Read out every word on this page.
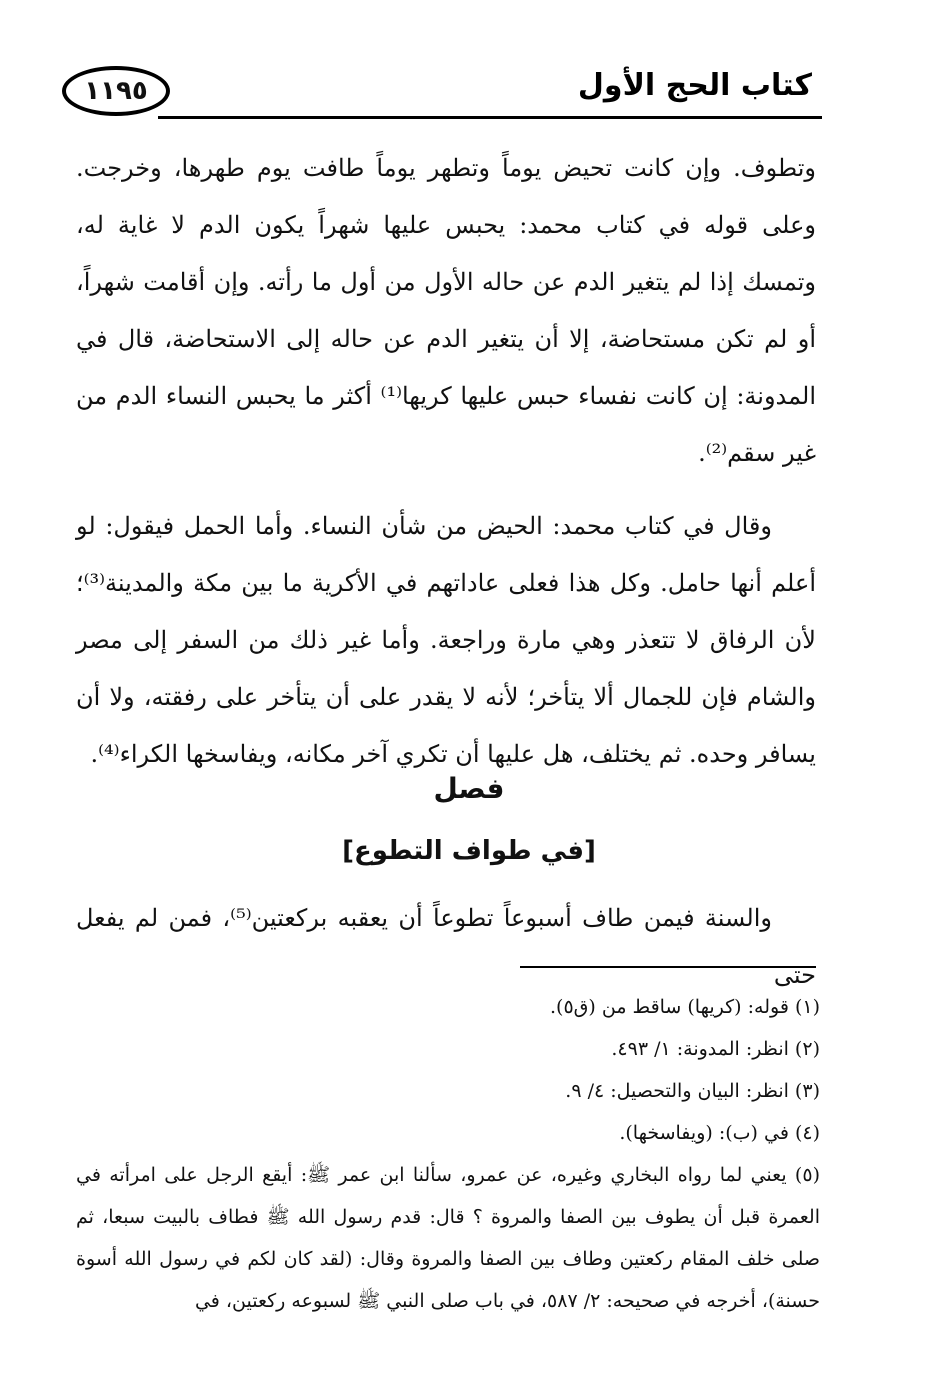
كتاب الحج الأول
١١٩٥

وتطوف. وإن كانت تحيض يوماً وتطهر يوماً طافت يوم طهرها، وخرجت. وعلى قوله في كتاب محمد: يحبس عليها شهراً يكون الدم لا غاية له، وتمسك إذا لم يتغير الدم عن حاله الأول من أول ما رأته. وإن أقامت شهراً، أو لم تكن مستحاضة، إلا أن يتغير الدم عن حاله إلى الاستحاضة، قال في المدونة: إن كانت نفساء حبس عليها كريها⁽¹⁾ أكثر ما يحبس النساء الدم من غير سقم⁽²⁾.

وقال في كتاب محمد: الحيض من شأن النساء. وأما الحمل فيقول: لو أعلم أنها حامل. وكل هذا فعلى عاداتهم في الأكرية ما بين مكة والمدينة⁽³⁾؛ لأن الرفاق لا تتعذر وهي مارة وراجعة. وأما غير ذلك من السفر إلى مصر والشام فإن للجمال ألا يتأخر؛ لأنه لا يقدر على أن يتأخر على رفقته، ولا أن يسافر وحده. ثم يختلف، هل عليها أن تكري آخر مكانه، ويفاسخها الكراء⁽⁴⁾.

فصل
[في طواف التطوع]
والسنة فيمن طاف أسبوعاً تطوعاً أن يعقبه بركعتين⁽⁵⁾، فمن لم يفعل حتى

(١) قوله: (كريها) ساقط من (ق٥).

(٢) انظر: المدونة: ١/ ٤٩٣.

(٣) انظر: البيان والتحصيل: ٤/ ٩.

(٤) في (ب): (ويفاسخها).

(٥) يعني لما رواه البخاري وغيره، عن عمرو، سألنا ابن عمر ﷺ: أيقع الرجل على امرأته في العمرة قبل أن يطوف بين الصفا والمروة ؟ قال: قدم رسول الله ﷺ فطاف بالبيت سبعا، ثم صلى خلف المقام ركعتين وطاف بين الصفا والمروة وقال: (لقد كان لكم في رسول الله أسوة حسنة)، أخرجه في صحيحه: ٢/ ٥٨٧، في باب صلى النبي ﷺ لسبوعه ركعتين، في
